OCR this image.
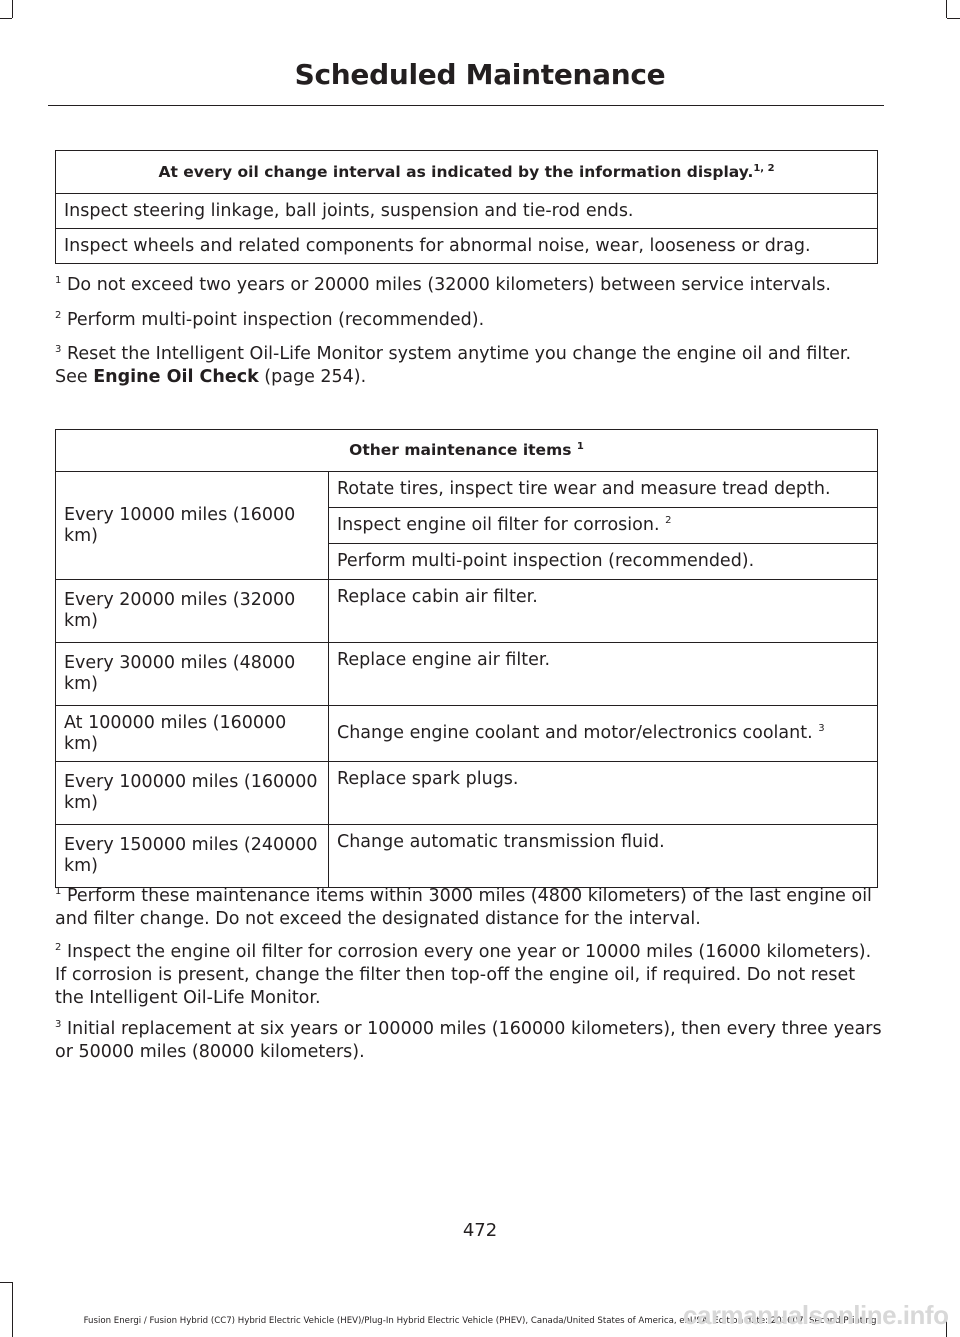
Scheduled Maintenance
At every oil change interval as indicated by the information display.$^{1, 2}$
Inspect steering linkage, ball joints, suspension and tie-rod ends.
Inspect wheels and related components for abnormal noise, wear, looseness or drag.
$^1$ Do not exceed two years or 20000 miles (32000 kilometers) between service intervals.
$^2$ Perform multi-point inspection (recommended).
$^3$ Reset the Intelligent Oil-Life Monitor system anytime you change the engine oil and filter. See Engine Oil Check (page 254).
Other maintenance items $^1$
Every 10000 miles (16000 km)	Rotate tires, inspect tire wear and measure tread depth.
	Inspect engine oil filter for corrosion. $^2$
	Perform multi-point inspection (recommended).
Every 20000 miles (32000 km)	Replace cabin air filter.
Every 30000 miles (48000 km)	Replace engine air filter.
At 100000 miles (160000 km)	Change engine coolant and motor/electronics coolant. $^3$
Every 100000 miles (160000 km)	Replace spark plugs.
Every 150000 miles (240000 km)	Change automatic transmission fluid.
$^1$ Perform these maintenance items within 3000 miles (4800 kilometers) of the last engine oil and filter change. Do not exceed the designated distance for the interval.
$^2$ Inspect the engine oil filter for corrosion every one year or 10000 miles (16000 kilometers). If corrosion is present, change the filter then top-off the engine oil, if required. Do not reset the Intelligent Oil-Life Monitor.
$^3$ Initial replacement at six years or 100000 miles (160000 kilometers), then every three years or 50000 miles (80000 kilometers).
472
Fusion Energi / Fusion Hybrid (CC7) Hybrid Electric Vehicle (HEV)/Plug-In Hybrid Electric Vehicle (PHEV), Canada/United States of America, enUSA, Edition date: 201607, Second Printing
carmanualsonline.info
